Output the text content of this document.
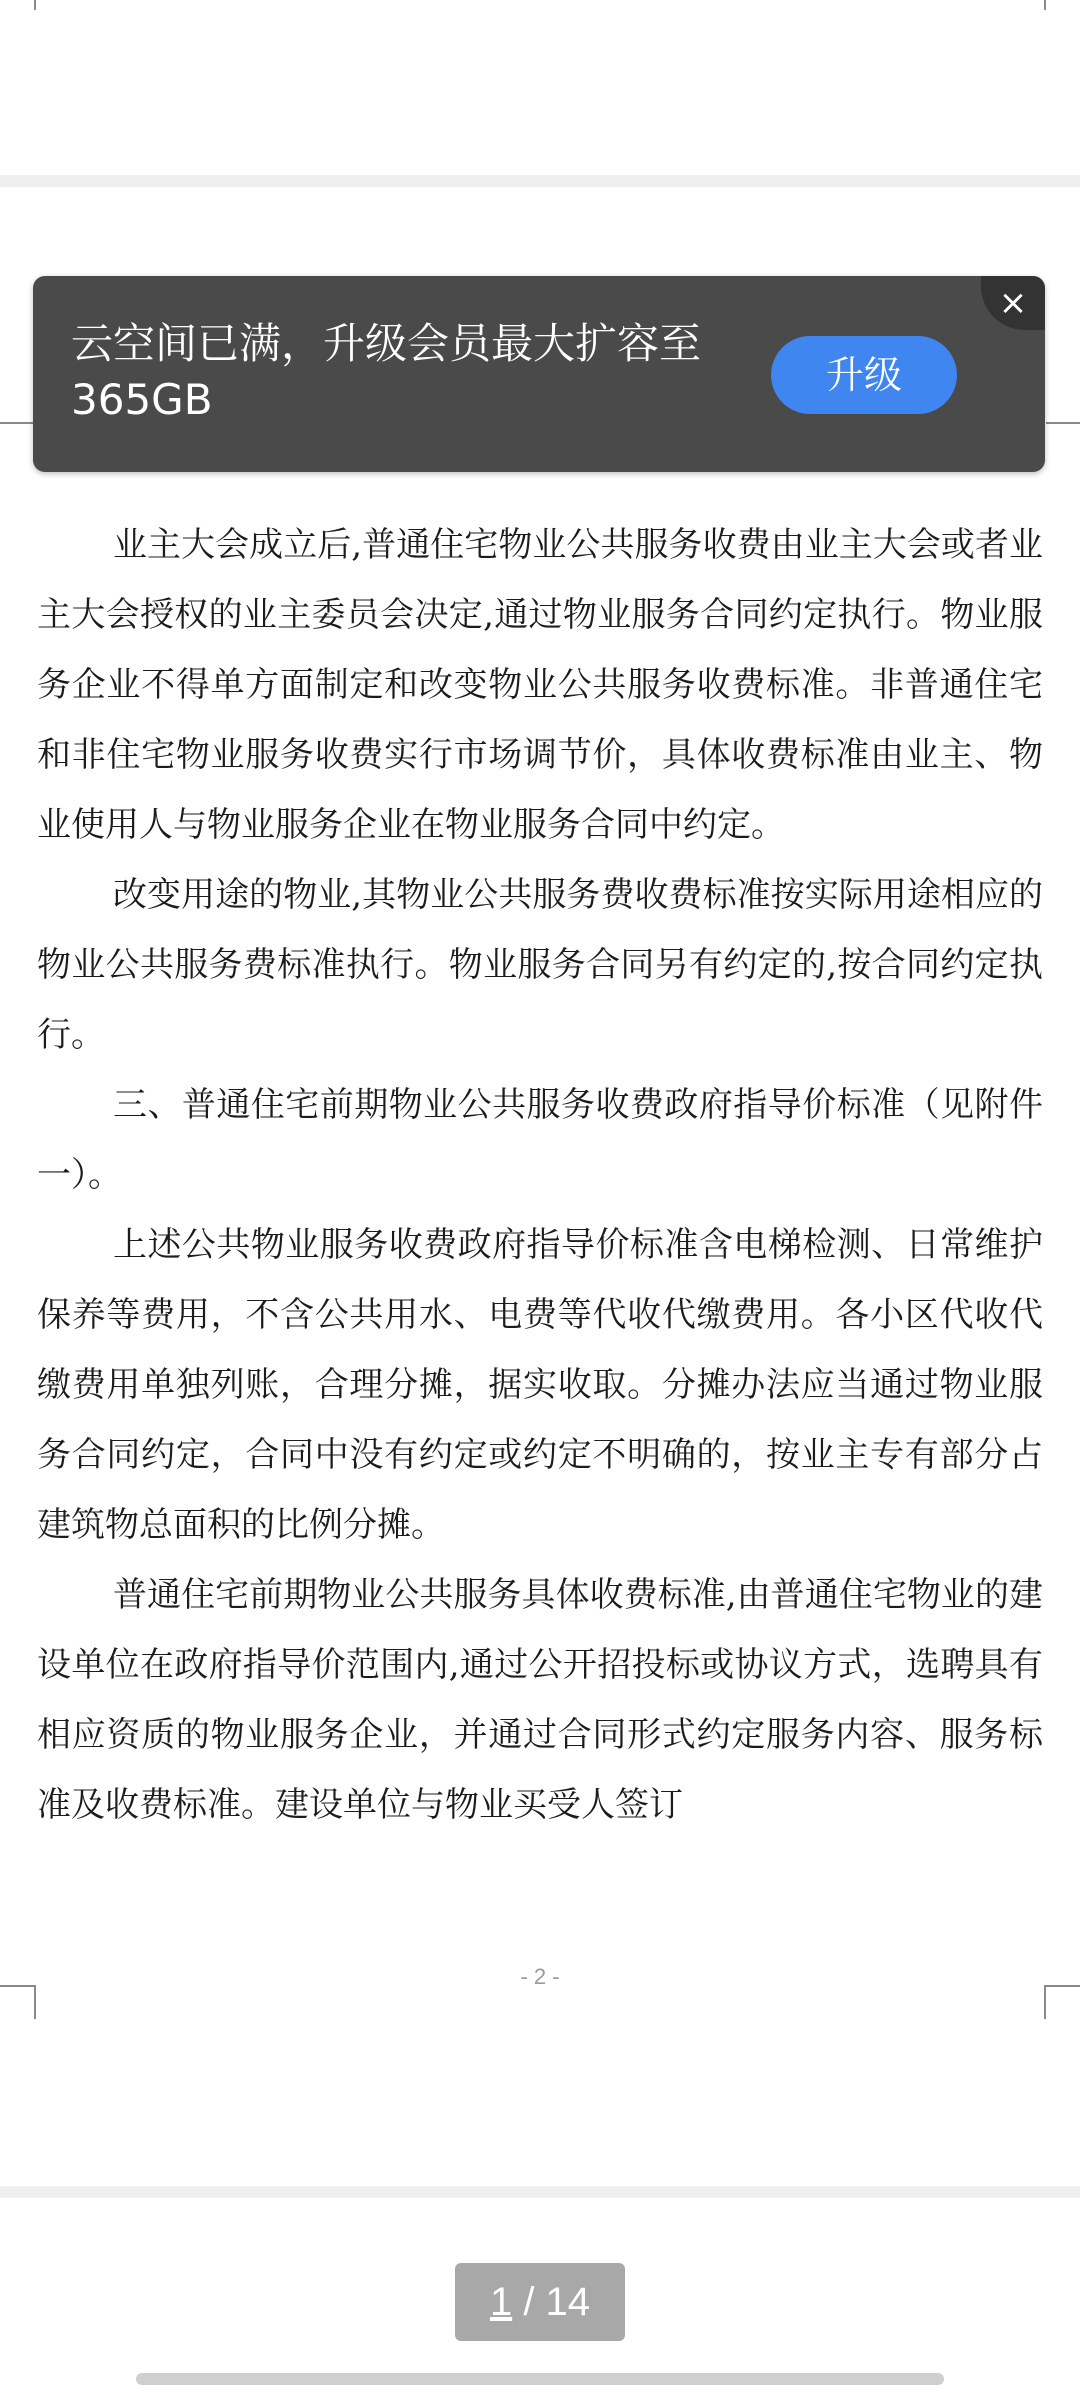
业主大会成立后,普通住宅物业公共服务收费由业主大会或者业主大会授权的业主委员会决定,通过物业服务合同约定执行。物业服务企业不得单方面制定和改变物业公共服务收费标准。非普通住宅和非住宅物业服务收费实行市场调节价，具体收费标准由业主、物业使用人与物业服务企业在物业服务合同中约定。

改变用途的物业,其物业公共服务费收费标准按实际用途相应的物业公共服务费标准执行。物业服务合同另有约定的,按合同约定执行。

三、普通住宅前期物业公共服务收费政府指导价标准（见附件一）。

上述公共物业服务收费政府指导价标准含电梯检测、日常维护保养等费用，不含公共用水、电费等代收代缴费用。各小区代收代缴费用单独列账，合理分摊，据实收取。分摊办法应当通过物业服务合同约定，合同中没有约定或约定不明确的，按业主专有部分占建筑物总面积的比例分摊。

普通住宅前期物业公共服务具体收费标准,由普通住宅物业的建设单位在政府指导价范围内,通过公开招投标或协议方式，选聘具有相应资质的物业服务企业，并通过合同形式约定服务内容、服务标准及收费标准。建设单位与物业买受人签订

- 2 -
云空间已满，升级会员最大扩容至365GB	升级
×
1 / 14
